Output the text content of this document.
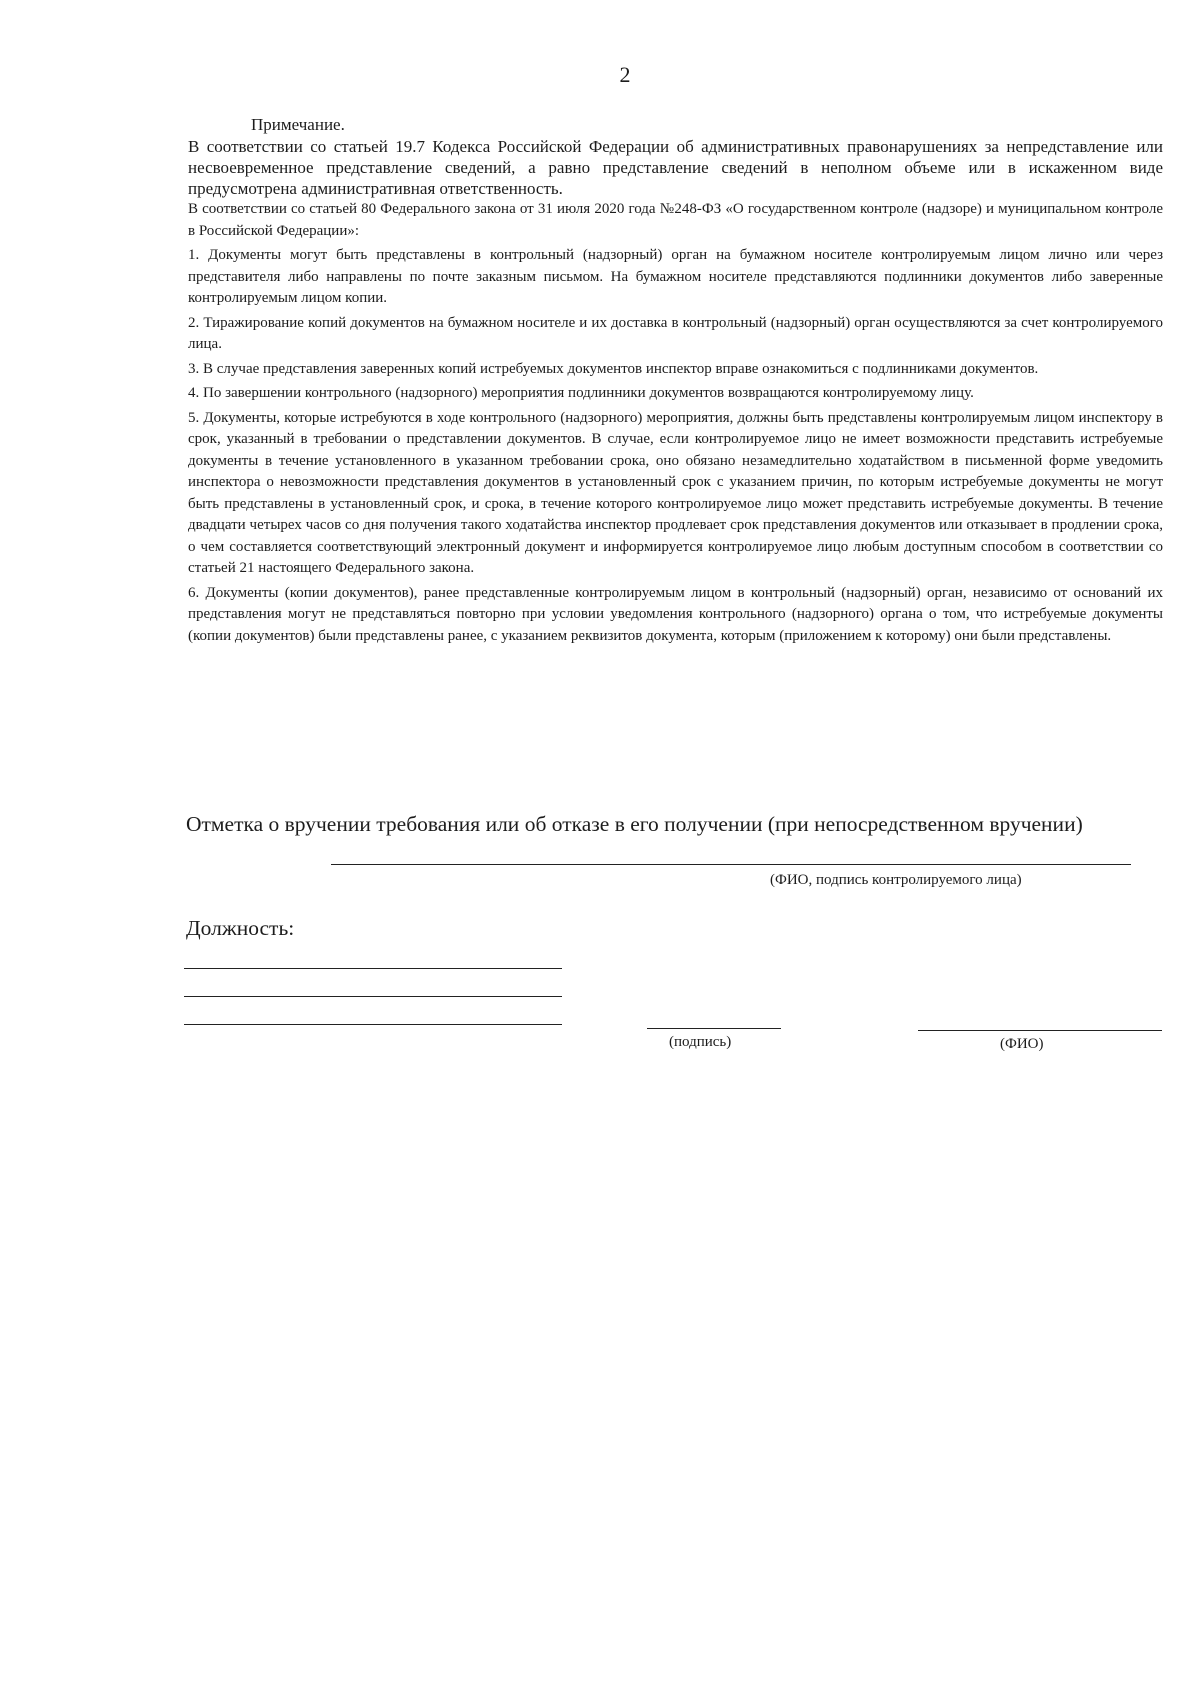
2
Примечание.

В соответствии со статьей 19.7 Кодекса Российской Федерации об административных правонарушениях за непредставление или несвоевременное представление сведений, а равно представление сведений в неполном объеме или в искаженном виде предусмотрена административная ответственность.

В соответствии со статьей 80 Федерального закона от 31 июля 2020 года №248-ФЗ «О государственном контроле (надзоре) и муниципальном контроле в Российской Федерации»:

1. Документы могут быть представлены в контрольный (надзорный) орган на бумажном носителе контролируемым лицом лично или через представителя либо направлены по почте заказным письмом. На бумажном носителе представляются подлинники документов либо заверенные контролируемым лицом копии.

2. Тиражирование копий документов на бумажном носителе и их доставка в контрольный (надзорный) орган осуществляются за счет контролируемого лица.

3. В случае представления заверенных копий истребуемых документов инспектор вправе ознакомиться с подлинниками документов.

4. По завершении контрольного (надзорного) мероприятия подлинники документов возвращаются контролируемому лицу.

5. Документы, которые истребуются в ходе контрольного (надзорного) мероприятия, должны быть представлены контролируемым лицом инспектору в срок, указанный в требовании о представлении документов. В случае, если контролируемое лицо не имеет возможности представить истребуемые документы в течение установленного в указанном требовании срока, оно обязано незамедлительно ходатайством в письменной форме уведомить инспектора о невозможности представления документов в установленный срок с указанием причин, по которым истребуемые документы не могут быть представлены в установленный срок, и срока, в течение которого контролируемое лицо может представить истребуемые документы. В течение двадцати четырех часов со дня получения такого ходатайства инспектор продлевает срок представления документов или отказывает в продлении срока, о чем составляется соответствующий электронный документ и информируется контролируемое лицо любым доступным способом в соответствии со статьей 21 настоящего Федерального закона.

6. Документы (копии документов), ранее представленные контролируемым лицом в контрольный (надзорный) орган, независимо от оснований их представления могут не представляться повторно при условии уведомления контрольного (надзорного) органа о том, что истребуемые документы (копии документов) были представлены ранее, с указанием реквизитов документа, которым (приложением к которому) они были представлены.

Отметка о вручении требования или об отказе в его получении (при непосредственном вручении)
(ФИО, подпись контролируемого лица)
Должность:
(подпись)	(ФИО)
